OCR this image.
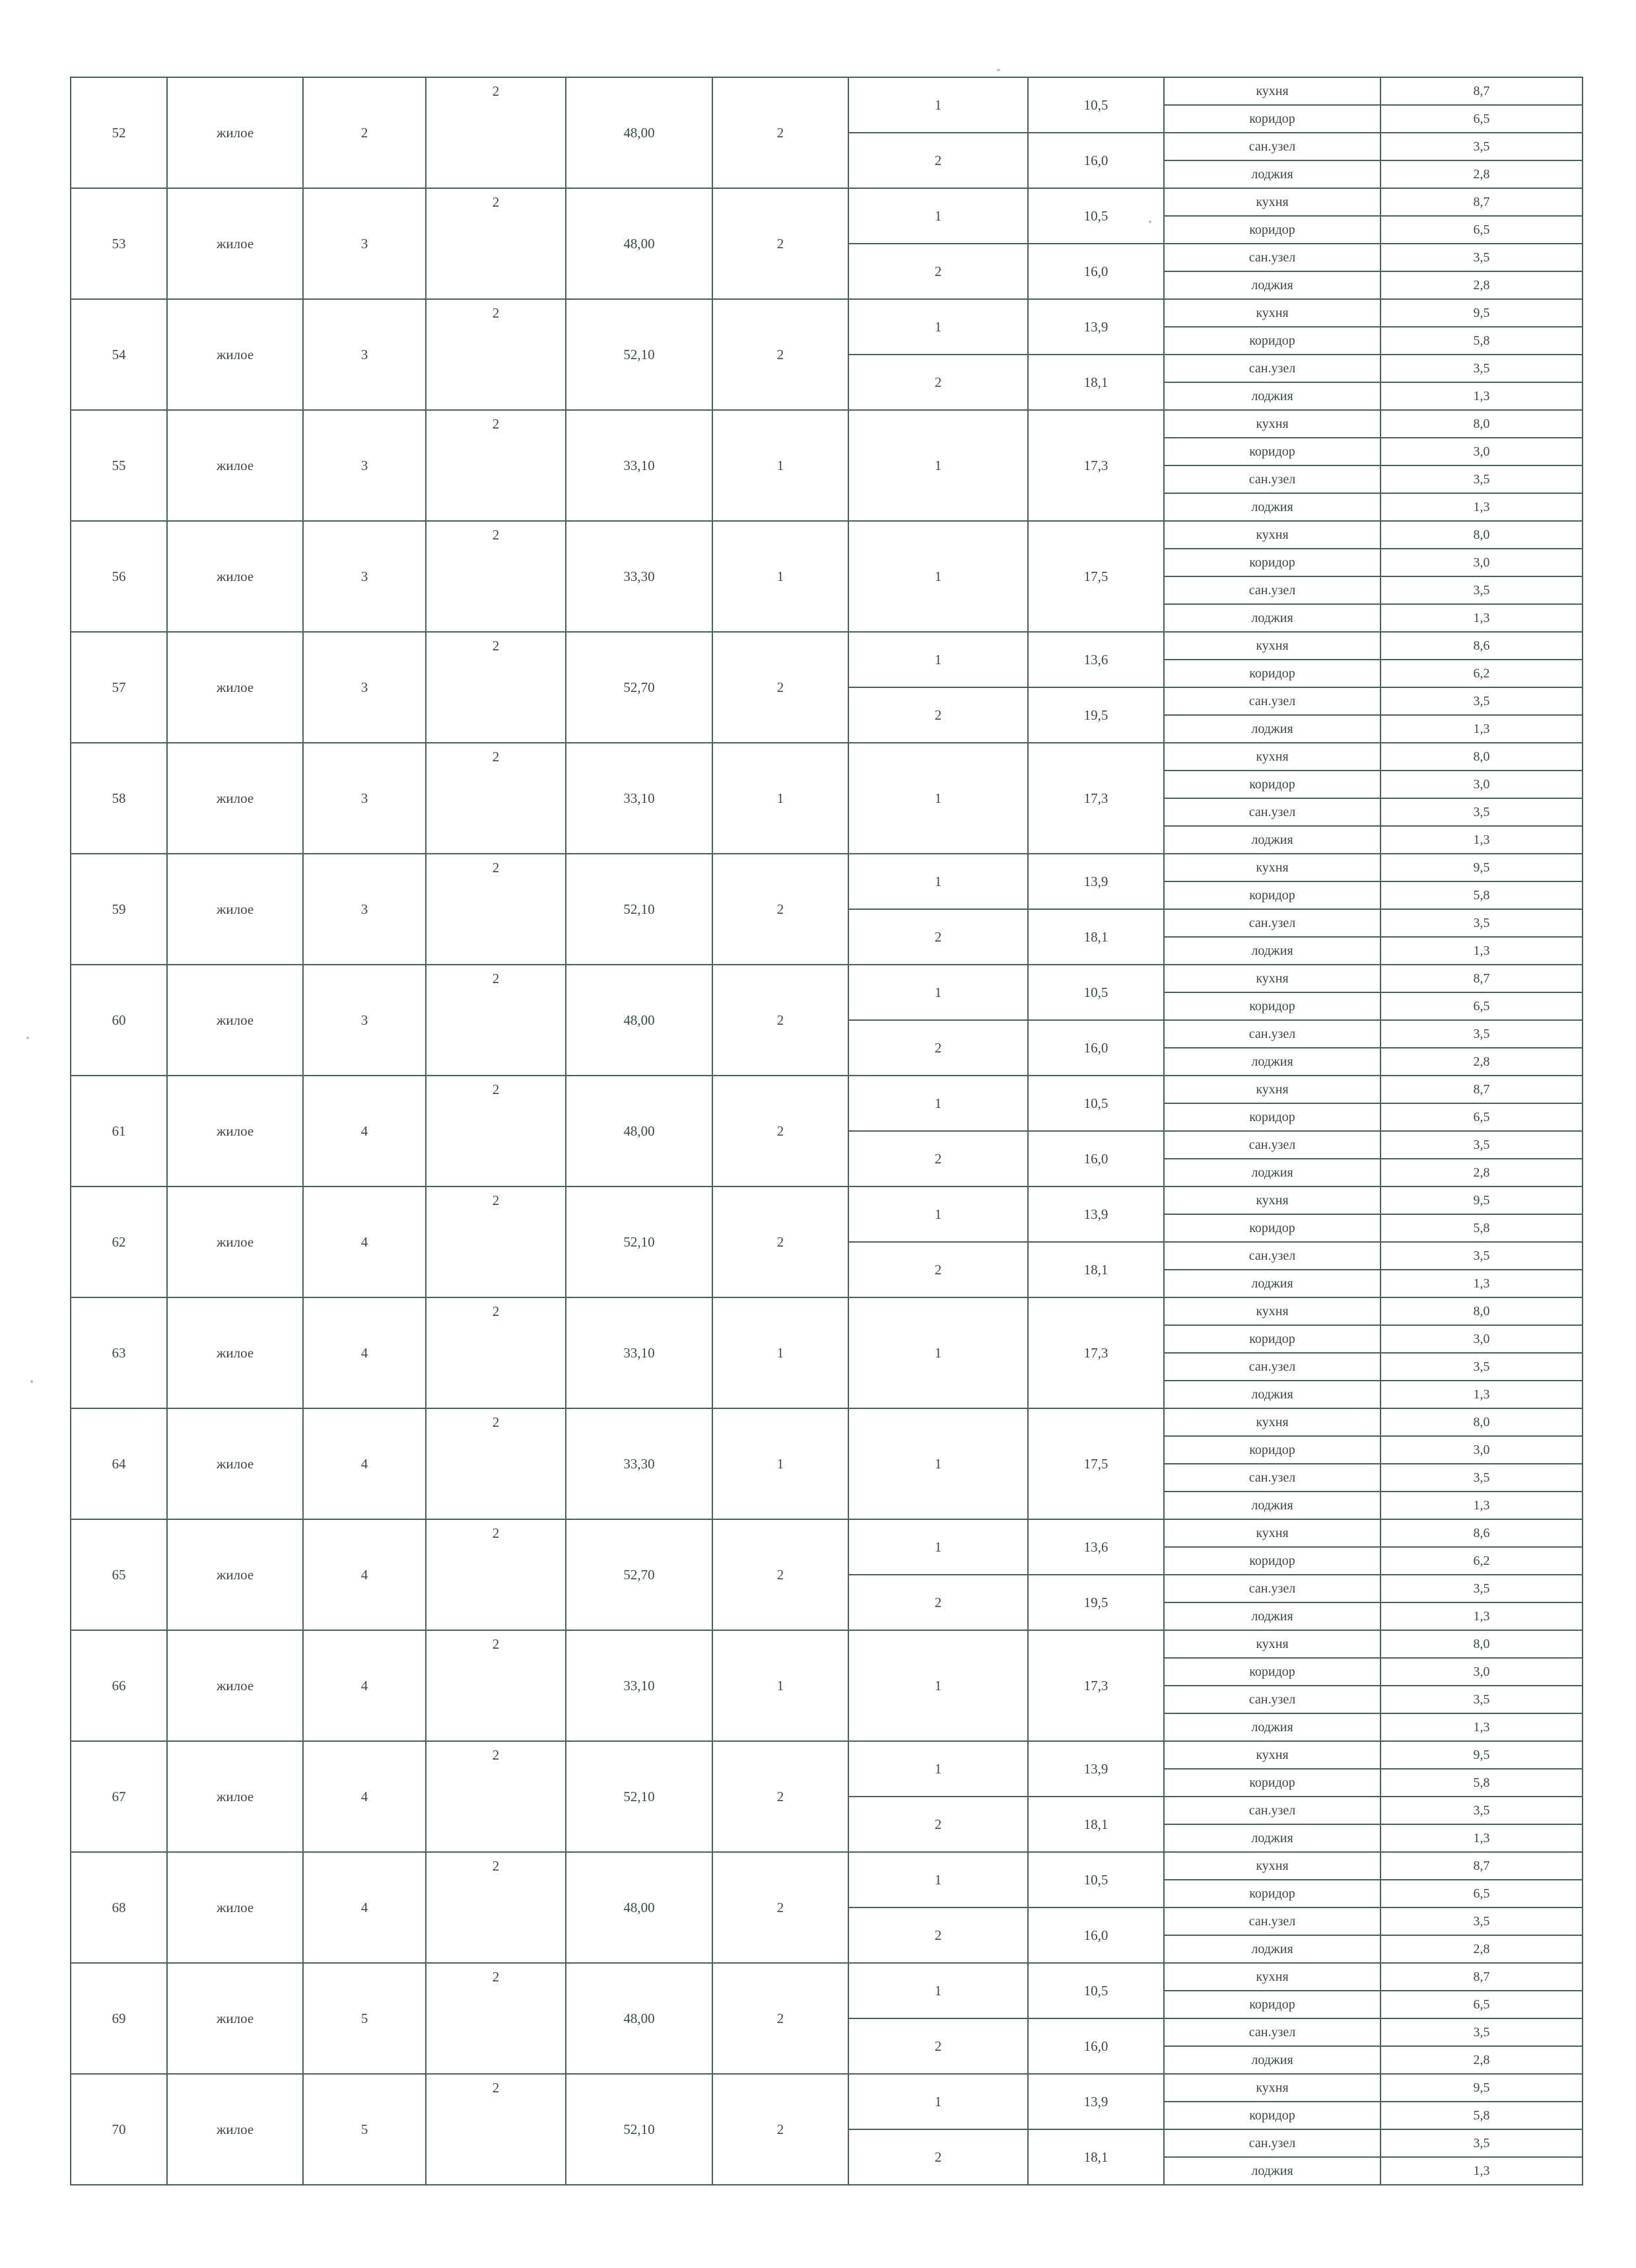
52	жилое	2	2	48,00	2	1	10,5	кухня	8,7
								коридор	6,5
						2	16,0	сан.узел	3,5
								лоджия	2,8
53	жилое	3	2	48,00	2	1	10,5	кухня	8,7
								коридор	6,5
						2	16,0	сан.узел	3,5
								лоджия	2,8
54	жилое	3	2	52,10	2	1	13,9	кухня	9,5
								коридор	5,8
						2	18,1	сан.узел	3,5
								лоджия	1,3
55	жилое	3	2	33,10	1	1	17,3	кухня	8,0
								коридор	3,0
								сан.узел	3,5
								лоджия	1,3
56	жилое	3	2	33,30	1	1	17,5	кухня	8,0
								коридор	3,0
								сан.узел	3,5
								лоджия	1,3
57	жилое	3	2	52,70	2	1	13,6	кухня	8,6
								коридор	6,2
						2	19,5	сан.узел	3,5
								лоджия	1,3
58	жилое	3	2	33,10	1	1	17,3	кухня	8,0
								коридор	3,0
								сан.узел	3,5
								лоджия	1,3
59	жилое	3	2	52,10	2	1	13,9	кухня	9,5
								коридор	5,8
						2	18,1	сан.узел	3,5
								лоджия	1,3
60	жилое	3	2	48,00	2	1	10,5	кухня	8,7
								коридор	6,5
						2	16,0	сан.узел	3,5
								лоджия	2,8
61	жилое	4	2	48,00	2	1	10,5	кухня	8,7
								коридор	6,5
						2	16,0	сан.узел	3,5
								лоджия	2,8
62	жилое	4	2	52,10	2	1	13,9	кухня	9,5
								коридор	5,8
						2	18,1	сан.узел	3,5
								лоджия	1,3
63	жилое	4	2	33,10	1	1	17,3	кухня	8,0
								коридор	3,0
								сан.узел	3,5
								лоджия	1,3
64	жилое	4	2	33,30	1	1	17,5	кухня	8,0
								коридор	3,0
								сан.узел	3,5
								лоджия	1,3
65	жилое	4	2	52,70	2	1	13,6	кухня	8,6
								коридор	6,2
						2	19,5	сан.узел	3,5
								лоджия	1,3
66	жилое	4	2	33,10	1	1	17,3	кухня	8,0
								коридор	3,0
								сан.узел	3,5
								лоджия	1,3
67	жилое	4	2	52,10	2	1	13,9	кухня	9,5
								коридор	5,8
						2	18,1	сан.узел	3,5
								лоджия	1,3
68	жилое	4	2	48,00	2	1	10,5	кухня	8,7
								коридор	6,5
						2	16,0	сан.узел	3,5
								лоджия	2,8
69	жилое	5	2	48,00	2	1	10,5	кухня	8,7
								коридор	6,5
						2	16,0	сан.узел	3,5
								лоджия	2,8
70	жилое	5	2	52,10	2	1	13,9	кухня	9,5
								коридор	5,8
						2	18,1	сан.узел	3,5
								лоджия	1,3
